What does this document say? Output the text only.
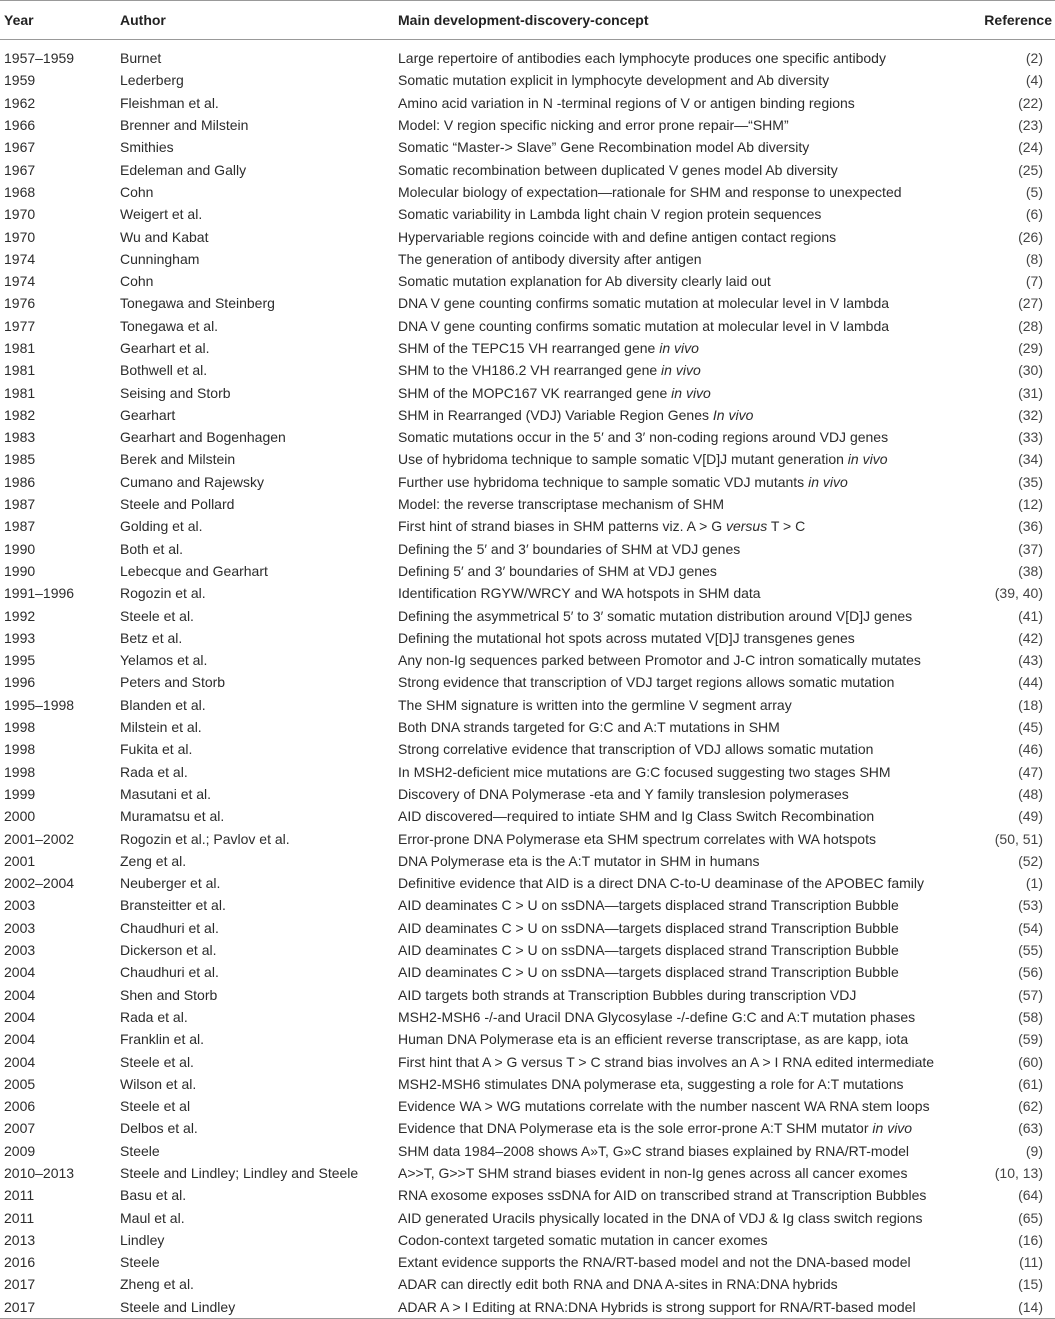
Year	Author	Main development-discovery-concept	Reference
1957–1959	Burnet	Large repertoire of antibodies each lymphocyte produces one specific antibody	(2)
1959	Lederberg	Somatic mutation explicit in lymphocyte development and Ab diversity	(4)
1962	Fleishman et al.	Amino acid variation in N -terminal regions of V or antigen binding regions	(22)
1966	Brenner and Milstein	Model: V region specific nicking and error prone repair—“SHM”	(23)
1967	Smithies	Somatic “Master-> Slave” Gene Recombination model Ab diversity	(24)
1967	Edeleman and Gally	Somatic recombination between duplicated V genes model Ab diversity	(25)
1968	Cohn	Molecular biology of expectation—rationale for SHM and response to unexpected	(5)
1970	Weigert et al.	Somatic variability in Lambda light chain V region protein sequences	(6)
1970	Wu and Kabat	Hypervariable regions coincide with and define antigen contact regions	(26)
1974	Cunningham	The generation of antibody diversity after antigen	(8)
1974	Cohn	Somatic mutation explanation for Ab diversity clearly laid out	(7)
1976	Tonegawa and Steinberg	DNA V gene counting confirms somatic mutation at molecular level in V lambda	(27)
1977	Tonegawa et al.	DNA V gene counting confirms somatic mutation at molecular level in V lambda	(28)
1981	Gearhart et al.	SHM of the TEPC15 VH rearranged gene in vivo	(29)
1981	Bothwell et al.	SHM to the VH186.2 VH rearranged gene in vivo	(30)
1981	Seising and Storb	SHM of the MOPC167 VK rearranged gene in vivo	(31)
1982	Gearhart	SHM in Rearranged (VDJ) Variable Region Genes In vivo	(32)
1983	Gearhart and Bogenhagen	Somatic mutations occur in the 5′ and 3′ non-coding regions around VDJ genes	(33)
1985	Berek and Milstein	Use of hybridoma technique to sample somatic V[D]J mutant generation in vivo	(34)
1986	Cumano and Rajewsky	Further use hybridoma technique to sample somatic VDJ mutants in vivo	(35)
1987	Steele and Pollard	Model: the reverse transcriptase mechanism of SHM	(12)
1987	Golding et al.	First hint of strand biases in SHM patterns viz. A > G versus T > C	(36)
1990	Both et al.	Defining the 5′ and 3′ boundaries of SHM at VDJ genes	(37)
1990	Lebecque and Gearhart	Defining 5′ and 3′ boundaries of SHM at VDJ genes	(38)
1991–1996	Rogozin et al.	Identification RGYW/WRCY and WA hotspots in SHM data	(39, 40)
1992	Steele et al.	Defining the asymmetrical 5′ to 3′ somatic mutation distribution around V[D]J genes	(41)
1993	Betz et al.	Defining the mutational hot spots across mutated V[D]J transgenes genes	(42)
1995	Yelamos et al.	Any non-Ig sequences parked between Promotor and J-C intron somatically mutates	(43)
1996	Peters and Storb	Strong evidence that transcription of VDJ target regions allows somatic mutation	(44)
1995–1998	Blanden et al.	The SHM signature is written into the germline V segment array	(18)
1998	Milstein et al.	Both DNA strands targeted for G:C and A:T mutations in SHM	(45)
1998	Fukita et al.	Strong correlative evidence that transcription of VDJ allows somatic mutation	(46)
1998	Rada et al.	In MSH2-deficient mice mutations are G:C focused suggesting two stages SHM	(47)
1999	Masutani et al.	Discovery of DNA Polymerase -eta and Y family translesion polymerases	(48)
2000	Muramatsu et al.	AID discovered—required to intiate SHM and Ig Class Switch Recombination	(49)
2001–2002	Rogozin et al.; Pavlov et al.	Error-prone DNA Polymerase eta SHM spectrum correlates with WA hotspots	(50, 51)
2001	Zeng et al.	DNA Polymerase eta is the A:T mutator in SHM in humans	(52)
2002–2004	Neuberger et al.	Definitive evidence that AID is a direct DNA C-to-U deaminase of the APOBEC family	(1)
2003	Bransteitter et al.	AID deaminates C > U on ssDNA—targets displaced strand Transcription Bubble	(53)
2003	Chaudhuri et al.	AID deaminates C > U on ssDNA—targets displaced strand Transcription Bubble	(54)
2003	Dickerson et al.	AID deaminates C > U on ssDNA—targets displaced strand Transcription Bubble	(55)
2004	Chaudhuri et al.	AID deaminates C > U on ssDNA—targets displaced strand Transcription Bubble	(56)
2004	Shen and Storb	AID targets both strands at Transcription Bubbles during transcription VDJ	(57)
2004	Rada et al.	MSH2-MSH6 -/-and Uracil DNA Glycosylase -/-define G:C and A:T mutation phases	(58)
2004	Franklin et al.	Human DNA Polymerase eta is an efficient reverse transcriptase, as are kapp, iota	(59)
2004	Steele et al.	First hint that A > G versus T > C strand bias involves an A > I RNA edited intermediate	(60)
2005	Wilson et al.	MSH2-MSH6 stimulates DNA polymerase eta, suggesting a role for A:T mutations	(61)
2006	Steele et al	Evidence WA > WG mutations correlate with the number nascent WA RNA stem loops	(62)
2007	Delbos et al.	Evidence that DNA Polymerase eta is the sole error-prone A:T SHM mutator in vivo	(63)
2009	Steele	SHM data 1984–2008 shows A»T, G»C strand biases explained by RNA/RT-model	(9)
2010–2013	Steele and Lindley; Lindley and Steele	A>>T, G>>T SHM strand biases evident in non-Ig genes across all cancer exomes	(10, 13)
2011	Basu et al.	RNA exosome exposes ssDNA for AID on transcribed strand at Transcription Bubbles	(64)
2011	Maul et al.	AID generated Uracils physically located in the DNA of VDJ & Ig class switch regions	(65)
2013	Lindley	Codon-context targeted somatic mutation in cancer exomes	(16)
2016	Steele	Extant evidence supports the RNA/RT-based model and not the DNA-based model	(11)
2017	Zheng et al.	ADAR can directly edit both RNA and DNA A-sites in RNA:DNA hybrids	(15)
2017	Steele and Lindley	ADAR A > I Editing at RNA:DNA Hybrids is strong support for RNA/RT-based model	(14)
